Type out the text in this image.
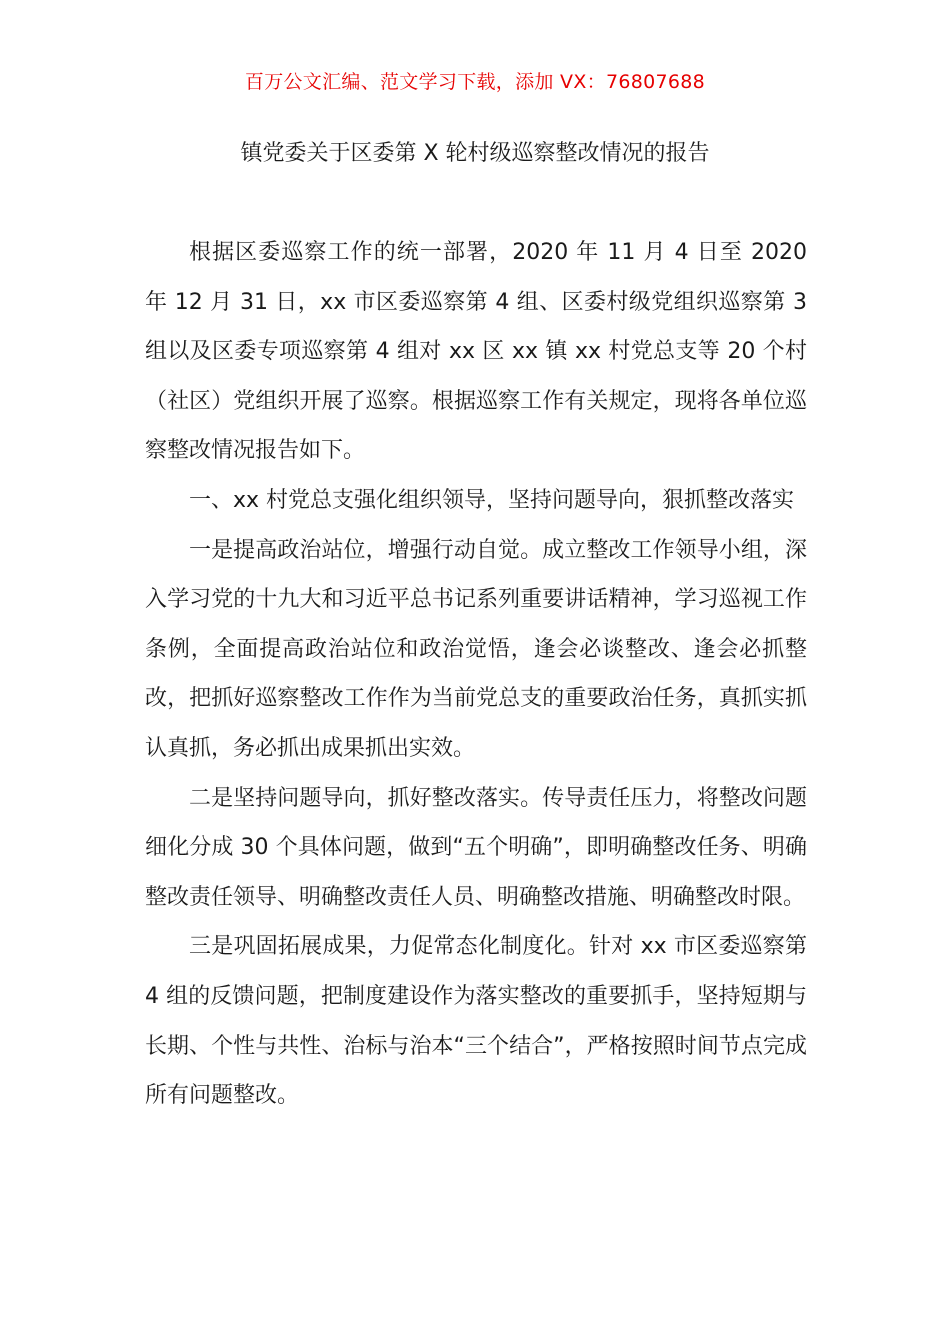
百万公文汇编、范文学习下载，添加 VX：76807688
镇党委关于区委第 X 轮村级巡察整改情况的报告

根据区委巡察工作的统一部署，2020 年 11 月 4 日至 2020 年 12 月 31 日，xx 市区委巡察第 4 组、区委村级党组织巡察第 3 组以及区委专项巡察第 4 组对 xx 区 xx 镇 xx 村党总支等 20 个村（社区）党组织开展了巡察。根据巡察工作有关规定，现将各单位巡察整改情况报告如下。

一、xx 村党总支强化组织领导，坚持问题导向，狠抓整改落实

一是提高政治站位，增强行动自觉。成立整改工作领导小组，深入学习党的十九大和习近平总书记系列重要讲话精神，学习巡视工作条例，全面提高政治站位和政治觉悟，逢会必谈整改、逢会必抓整改，把抓好巡察整改工作作为当前党总支的重要政治任务，真抓实抓认真抓，务必抓出成果抓出实效。

二是坚持问题导向，抓好整改落实。传导责任压力，将整改问题细化分成 30 个具体问题，做到“五个明确”，即明确整改任务、明确整改责任领导、明确整改责任人员、明确整改措施、明确整改时限。

三是巩固拓展成果，力促常态化制度化。针对 xx 市区委巡察第 4 组的反馈问题，把制度建设作为落实整改的重要抓手，坚持短期与长期、个性与共性、治标与治本“三个结合”，严格按照时间节点完成所有问题整改。
